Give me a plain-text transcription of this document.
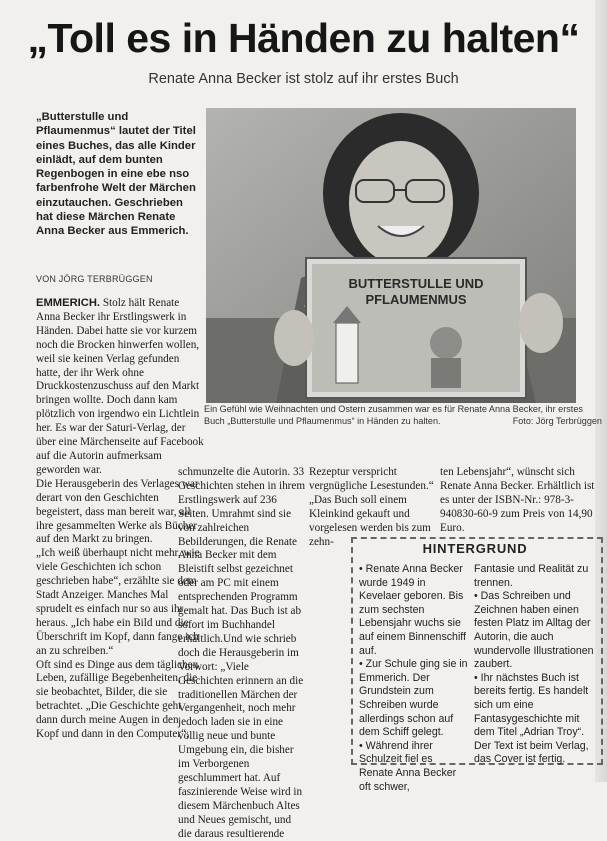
„Toll es in Händen zu halten“
Renate Anna Becker ist stolz auf ihr erstes Buch
„Butterstulle und Pflaumenmus“ lautet der Titel eines Buches, das alle Kinder einlädt, auf dem bunten Regenbogen in eine ebe nso farbenfrohe Welt der Märchen einzutauchen. Geschrieben hat diese Märchen Renate Anna Becker aus Emmerich.
VON JÖRG TERBRÜGGEN
EMMERICH. Stolz hält Renate Anna Becker ihr Erstlingswerk in Händen. Dabei hatte sie vor kurzem noch die Brocken hinwerfen wollen, weil sie keinen Verlag gefunden hatte, der ihr Werk ohne Druckkostenzuschuss auf den Markt bringen wollte. Doch dann kam plötzlich von irgendwo ein Lichtlein her. Es war der Saturi-Verlag, der über eine Märchenseite auf Facebook auf die Autorin aufmerksam geworden war.
Die Herausgeberin des Verlages war derart von den Geschichten begeistert, dass man bereit war, all ihre gesammelten Werke als Bücher auf den Markt zu bringen.
„Ich weiß überhaupt nicht mehr, wie viele Geschichten ich schon geschrieben habe“, erzählte sie dem Stadt Anzeiger. Manches Mal sprudelt es einfach nur so aus ihr heraus. „Ich habe ein Bild und die Überschrift im Kopf, dann fange ich an zu schreiben.“
Oft sind es Dinge aus dem täglichen Leben, zufällige Begebenheiten, die sie beobachtet, Bilder, die sie betrachtet. „Die Geschichte geht dann durch meine Augen in den Kopf und dann in den Computer“,
BUTTERSTULLE UND
PFLAUMENMUS
Ein Gefühl wie Weihnachten und Ostern zusammen war es für Renate Anna Becker, ihr erstes Buch „Butterstulle und Pflaumenmus“ in Händen zu halten.	Foto: Jörg Terbrüggen
schmunzelte die Autorin. 33 Geschichten stehen in ihrem Erstlingswerk auf 236 Seiten. Umrahmt sind sie von zahlreichen Bebilderungen, die Renate Anna Becker mit dem Bleistift selbst gezeichnet oder am PC mit einem entsprechenden Programm gemalt hat. Das Buch ist ab sofort im Buchhandel erhältlich.Und wie schrieb doch die Herausgeberin im Vorwort: „Viele Geschichten erinnern an die traditionellen Märchen der Vergangenheit, noch mehr jedoch laden sie in eine völlig neue und bunte Umgebung ein, die bisher im Verborgenen geschlummert hat. Auf faszinierende Weise wird in diesem Märchenbuch Altes und Neues gemischt, und die daraus resultierende
Rezeptur verspricht vergnügliche Lesestunden.“
„Das Buch soll einem Kleinkind gekauft und vorgelesen werden bis zum zehn-
ten Lebensjahr“, wünscht sich Renate Anna Becker. Erhältlich ist es unter der ISBN-Nr.: 978-3-940830-60-9 zum Preis von 14,90 Euro.
HINTERGRUND
• Renate Anna Becker wurde 1949 in Kevelaer geboren. Bis zum sechsten Lebensjahr wuchs sie auf einem Binnenschiff auf.
• Zur Schule ging sie in Emmerich. Der Grundstein zum Schreiben wurde allerdings schon auf dem Schiff gelegt.
• Während ihrer Schulzeit fiel es Renate Anna Becker oft schwer,
Fantasie und Realität zu trennen.
• Das Schreiben und Zeichnen haben einen festen Platz im Alltag der Autorin, die auch wundervolle Illustrationen zaubert.
• Ihr nächstes Buch ist bereits fertig. Es handelt sich um eine Fantasygeschichte mit dem Titel „Adrian Troy“. Der Text ist beim Verlag, das Cover ist fertig.
